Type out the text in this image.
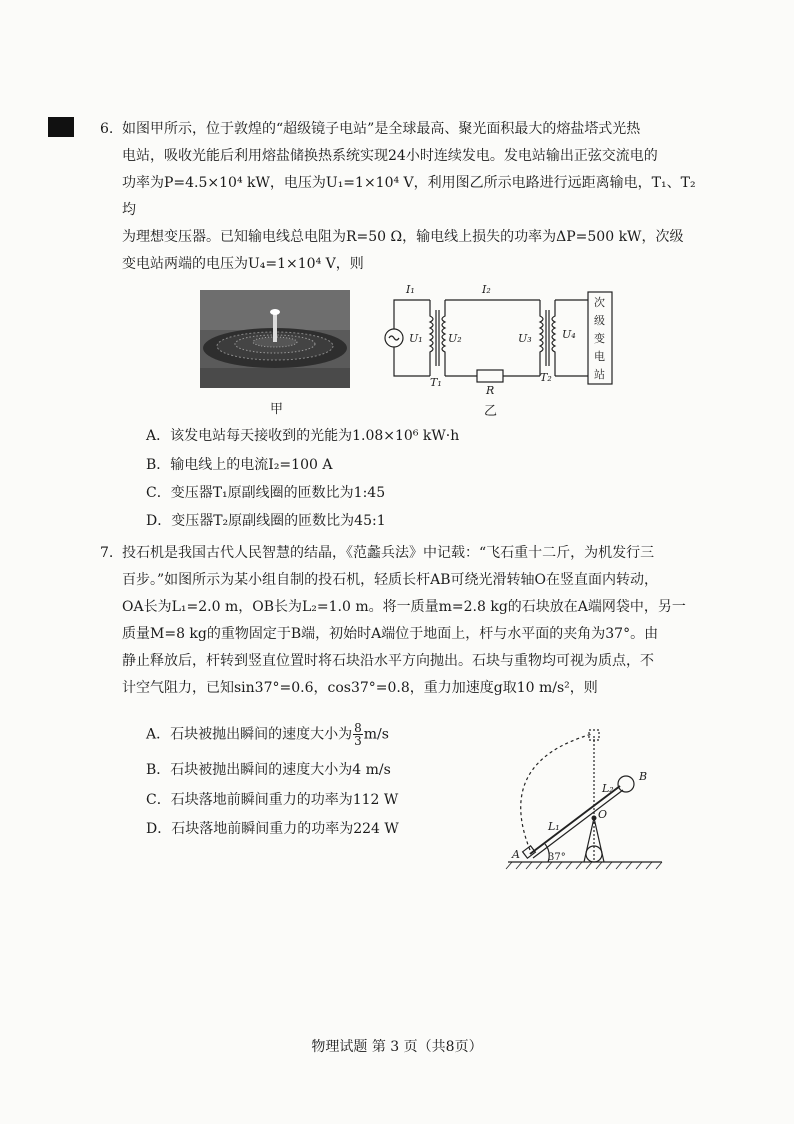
6. 如图甲所示，位于敦煌的“超级镜子电站”是全球最高、聚光面积最大的熔盐塔式光热

电站，吸收光能后利用熔盐储换热系统实现24小时连续发电。发电站输出正弦交流电的

功率为P=4.5×10⁴ kW，电压为U₁=1×10⁴ V，利用图乙所示电路进行远距离输电，T₁、T₂均

为理想变压器。已知输电线总电阻为R=50 Ω，输电线上损失的功率为ΔP=500 kW，次级

变电站两端的电压为U₄=1×10⁴ V，则

甲
I₁	I₂
U₁ U₂	U₃	U₄
T₁	T₂
R
次
级
变
电
站
乙
A．该发电站每天接收到的光能为1.08×10⁶ kW·h
B．输电线上的电流I₂=100 A
C．变压器T₁原副线圈的匝数比为1:45
D．变压器T₂原副线圈的匝数比为45:1

7. 投石机是我国古代人民智慧的结晶，《范蠡兵法》中记载：“飞石重十二斤，为机发行三

百步。”如图所示为某小组自制的投石机，轻质长杆AB可绕光滑转轴O在竖直面内转动，

OA长为L₁=2.0 m，OB长为L₂=1.0 m。将一质量m=2.8 kg的石块放在A端网袋中，另一

质量M=8 kg的重物固定于B端，初始时A端位于地面上，杆与水平面的夹角为37°。由

静止释放后，杆转到竖直位置时将石块沿水平方向抛出。石块与重物均可视为质点，不

计空气阻力，已知sin37°=0.6，cos37°=0.8，重力加速度g取10 m/s²，则

A．石块被抛出瞬间的速度大小为 $\frac{8}{3} m/s$
B．石块被抛出瞬间的速度大小为4 m/s
C．石块落地前瞬间重力的功率为112 W
D．石块落地前瞬间重力的功率为224 W
A
B
O
L₁
L₂
37°
物理试题 第 3 页（共8页）
